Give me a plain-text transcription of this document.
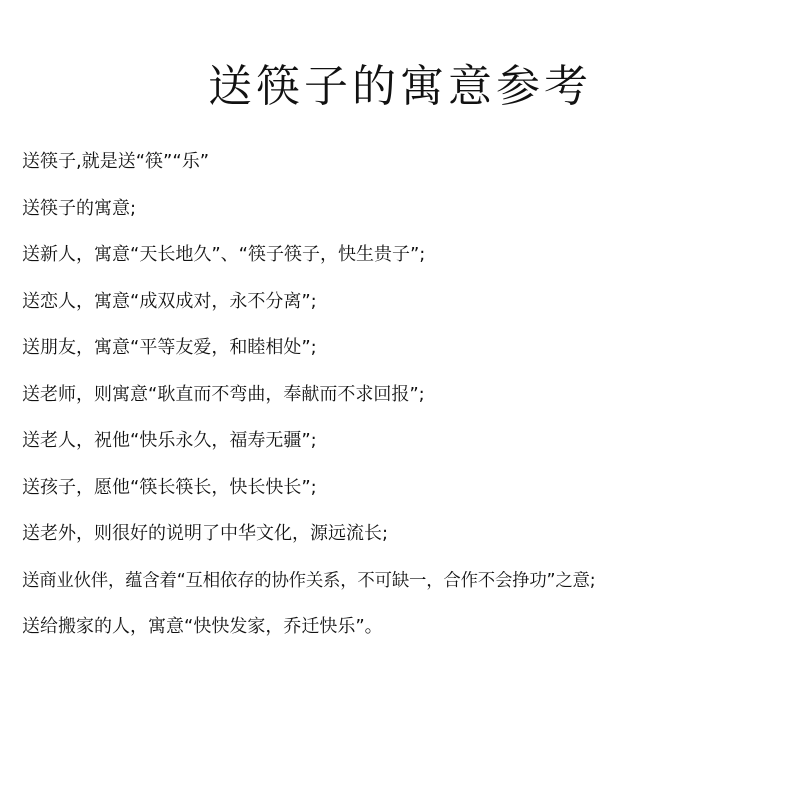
送筷子的寓意参考
送筷子,就是送“筷”“乐”
送筷子的寓意;
送新人，寓意“天长地久”、“筷子筷子，快生贵子”;
送恋人，寓意“成双成对，永不分离”;
送朋友，寓意“平等友爱，和睦相处”;
送老师，则寓意“耿直而不弯曲，奉献而不求回报”;
送老人，祝他“快乐永久，福寿无疆”;
送孩子，愿他“筷长筷长，快长快长”;
送老外，则很好的说明了中华文化，源远流长;
送商业伙伴，蕴含着“互相依存的协作关系，不可缺一，合作不会挣功”之意;
送给搬家的人，寓意“快快发家，乔迁快乐”。
